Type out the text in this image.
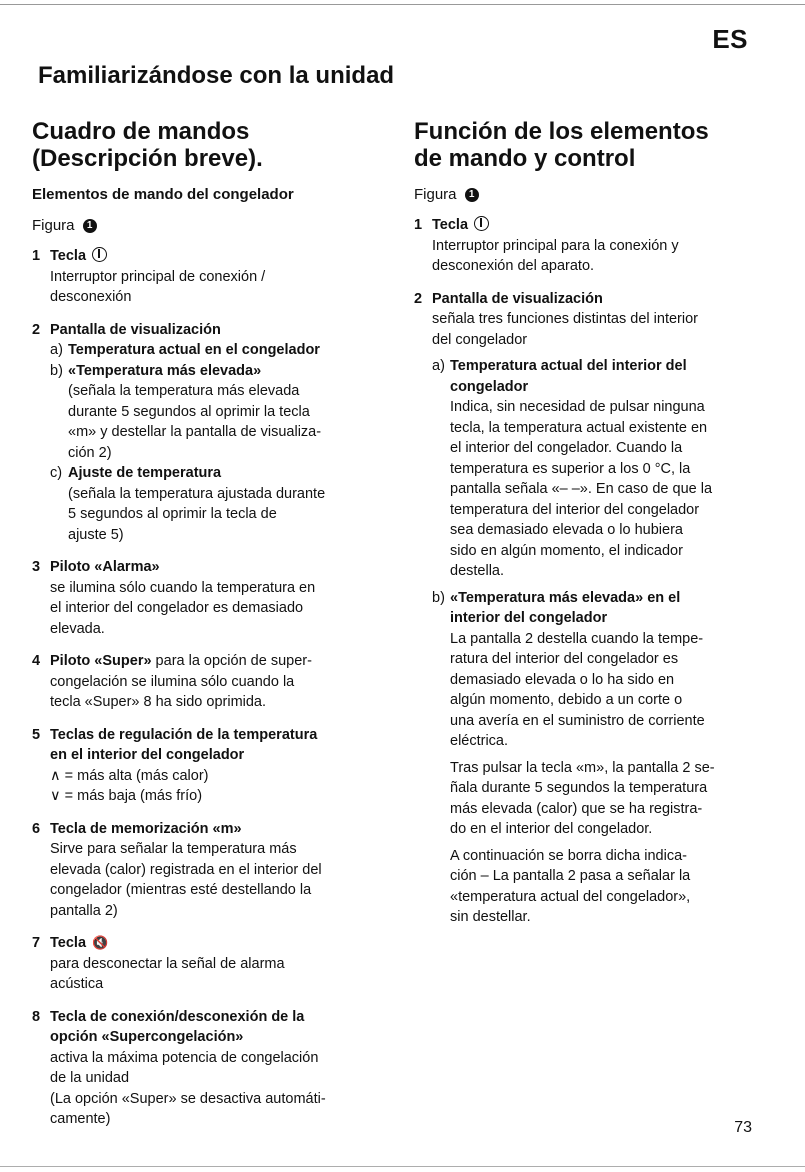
ES
Familiarizándose con la unidad
Cuadro de mandos
(Descripción breve).
Elementos de mando del congelador
Figura 1
1 Tecla
Interruptor principal de conexión /
desconexión
2 Pantalla de visualización
a) Temperatura actual en el congelador
b) «Temperatura más elevada»
(señala la temperatura más elevada
durante 5 segundos al oprimir la tecla
«m» y destellar la pantalla de visualiza-
ción 2)
c) Ajuste de temperatura
(señala la temperatura ajustada durante
5 segundos al oprimir la tecla de
ajuste 5)
3 Piloto «Alarma»
se ilumina sólo cuando la temperatura en
el interior del congelador es demasiado
elevada.
4 Piloto «Super» para la opción de super-
congelación se ilumina sólo cuando la
tecla «Super» 8 ha sido oprimida.
5 Teclas de regulación de la temperatura
en el interior del congelador
∧ = más alta (más calor)
∨ = más baja (más frío)
6 Tecla de memorización «m»
Sirve para señalar la temperatura más
elevada (calor) registrada en el interior del
congelador (mientras esté destellando la
pantalla 2)
7 Tecla 🔇
para desconectar la señal de alarma
acústica
8 Tecla de conexión/desconexión de la
opción «Supercongelación»
activa la máxima potencia de congelación
de la unidad
(La opción «Super» se desactiva automáti-
camente)
Función de los elementos
de mando y control
Figura 1
1 Tecla
Interruptor principal para la conexión y
desconexión del aparato.
2 Pantalla de visualización
señala tres funciones distintas del interior
del congelador
a) Temperatura actual del interior del
congelador
Indica, sin necesidad de pulsar ninguna
tecla, la temperatura actual existente en
el interior del congelador. Cuando la
temperatura es superior a los 0 °C, la
pantalla señala «– –». En caso de que la
temperatura del interior del congelador
sea demasiado elevada o lo hubiera
sido en algún momento, el indicador
destella.
b) «Temperatura más elevada» en el
interior del congelador
La pantalla 2 destella cuando la tempe-
ratura del interior del congelador es
demasiado elevada o lo ha sido en
algún momento, debido a un corte o
una avería en el suministro de corriente
eléctrica.
Tras pulsar la tecla «m», la pantalla 2 se-
ñala durante 5 segundos la temperatura
más elevada (calor) que se ha registra-
do en el interior del congelador.
A continuación se borra dicha indica-
ción – La pantalla 2 pasa a señalar la
«temperatura actual del congelador»,
sin destellar.
73
